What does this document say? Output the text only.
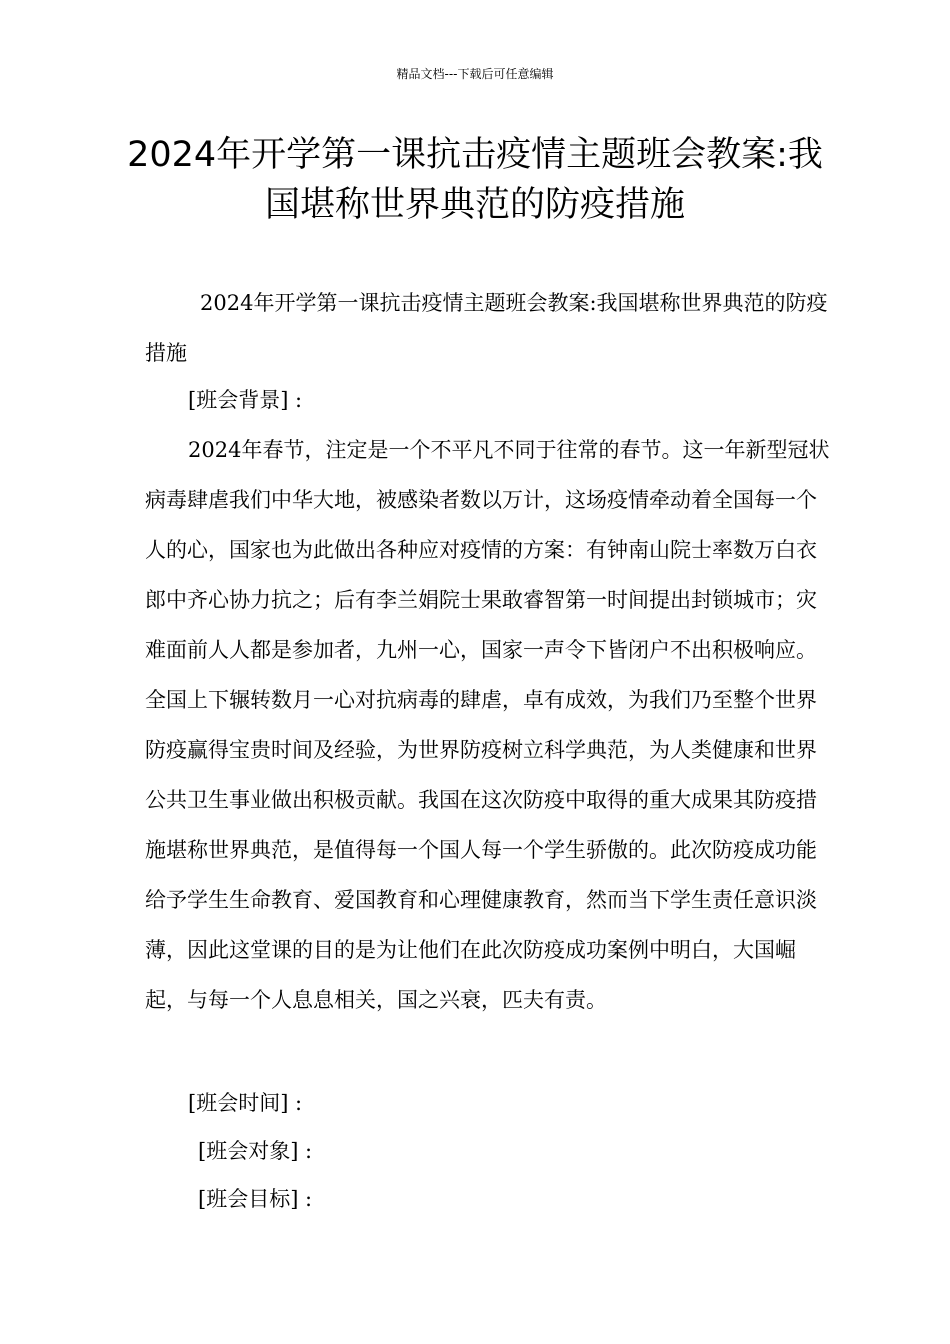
精品文档---下载后可任意编辑
2024年开学第一课抗击疫情主题班会教案:我国堪称世界典范的防疫措施

2024年开学第一课抗击疫情主题班会教案:我国堪称世界典范的防疫措施

[班会背景] :

2024年春节，注定是一个不平凡不同于往常的春节。这一年新型冠状病毒肆虐我们中华大地，被感染者数以万计，这场疫情牵动着全国每一个人的心，国家也为此做出各种应对疫情的方案：有钟南山院士率数万白衣郎中齐心协力抗之；后有李兰娟院士果敢睿智第一时间提出封锁城市；灾难面前人人都是参加者，九州一心，国家一声令下皆闭户不出积极响应。全国上下辗转数月一心对抗病毒的肆虐，卓有成效，为我们乃至整个世界防疫赢得宝贵时间及经验，为世界防疫树立科学典范，为人类健康和世界公共卫生事业做出积极贡献。我国在这次防疫中取得的重大成果其防疫措施堪称世界典范，是值得每一个国人每一个学生骄傲的。此次防疫成功能给予学生生命教育、爱国教育和心理健康教育，然而当下学生责任意识淡薄，因此这堂课的目的是为让他们在此次防疫成功案例中明白，大国崛起，与每一个人息息相关，国之兴衰，匹夫有责。

[班会时间] :

[班会对象] :

[班会目标] :
